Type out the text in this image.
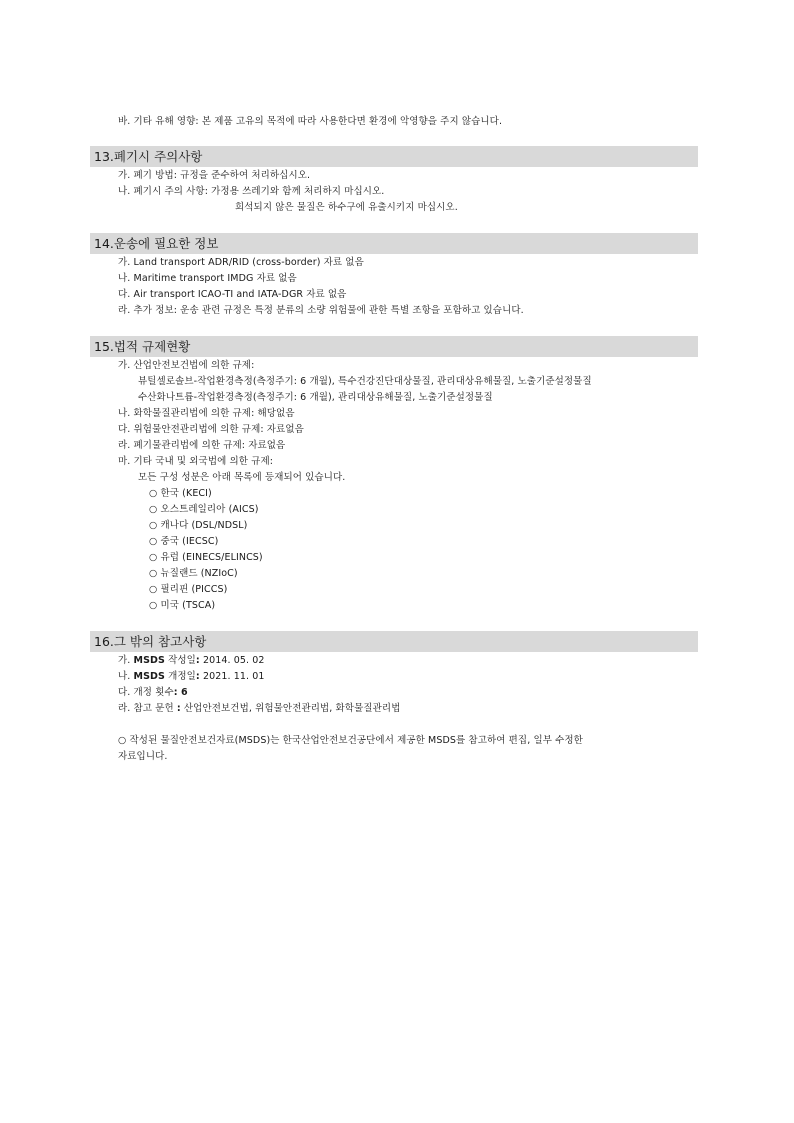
바. 기타 유해 영향: 본 제품 고유의 목적에 따라 사용한다면 환경에 악영향을 주지 않습니다.
13.폐기시 주의사항
가. 폐기 방법: 규정을 준수하여 처리하십시오.
나. 폐기시 주의 사항: 가정용 쓰레기와 함께 처리하지 마십시오.
희석되지 않은 물질은 하수구에 유출시키지 마십시오.
14.운송에 필요한 정보
가. Land transport ADR/RID (cross-border) 자료 없음
나. Maritime transport IMDG 자료 없음
다. Air transport ICAO-TI and IATA-DGR 자료 없음
라. 추가 정보: 운송 관련 규정은 특정 분류의 소량 위험물에 관한 특별 조항을 포함하고 있습니다.
15.법적 규제현황
가. 산업안전보건법에 의한 규제:
뷰틸셀로솔브-작업환경측정(측정주기: 6 개월), 특수건강진단대상물질, 관리대상유해물질, 노출기준설정물질
수산화나트륨-작업환경측정(측정주기: 6 개월), 관리대상유해물질, 노출기준설정물질
나. 화학물질관리법에 의한 규제: 해당없음
다. 위험물안전관리법에 의한 규제: 자료없음
라. 폐기물관리법에 의한 규제: 자료없음
마. 기타 국내 및 외국법에 의한 규제:
모든 구성 성분은 아래 목록에 등재되어 있습니다.
○ 한국 (KECI)
○ 오스트레일리아 (AICS)
○ 캐나다 (DSL/NDSL)
○ 중국 (IECSC)
○ 유럽 (EINECS/ELINCS)
○ 뉴질랜드 (NZIoC)
○ 필리핀 (PICCS)
○ 미국 (TSCA)
16.그 밖의 참고사항
가. MSDS 작성일: 2014. 05. 02
나. MSDS 개정일: 2021. 11. 01
다. 개정 횟수: 6
라. 참고 문헌 : 산업안전보건법, 위험물안전관리법, 화학물질관리법
○ 작성된 물질안전보건자료(MSDS)는 한국산업안전보건공단에서 제공한 MSDS를 참고하여 편집, 일부 수정한
자료입니다.
